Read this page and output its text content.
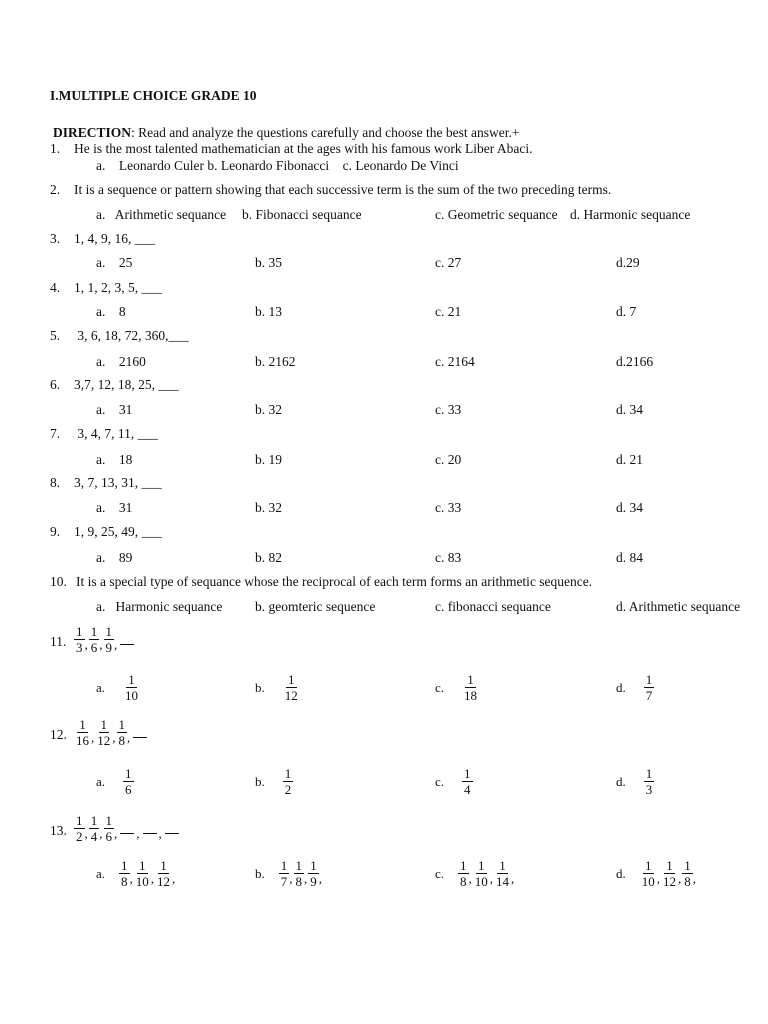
I.MULTIPLE CHOICE GRADE 10
DIRECTION: Read and analyze the questions carefully and choose the best answer.+
1. He is the most talented mathematician at the ages with his famous work Liber Abaci.
a.    Leonardo Culer b. Leonardo Fibonacci    c. Leonardo De Vinci
2. It is a sequence or pattern showing that each successive term is the sum of the two preceding terms.
a.   Arithmetic sequance b. Fibonacci sequance	c. Geometric sequance d. Harmonic sequance
3. 1, 4, 9, 16, ___
a.    25	b. 35	c. 27	d.29
4. 1, 1, 2, 3, 5, ___
a.    8	b. 13	c. 21	d. 7
5. 3, 6, 18, 72, 360,___
a.    2160	b. 2162	c. 2164	d.2166
6. 3,7, 12, 18, 25, ___
a.    31	b. 32	c. 33	d. 34
7. 3, 4, 7, 11, ___
a.    18	b. 19	c. 20	d. 21
8. 3, 7, 13, 31, ___
a.    31	b. 32	c. 33	d. 34
9. 1, 9, 25, 49, ___
a.    89	b. 82	c. 83	d. 84
10. It is a special type of sequance whose the reciprocal of each term forms an arithmetic sequence.
a.   Harmonic sequance b. geomteric sequence	c. fibonacci sequance	d. Arithmetic sequance
11. $\frac{1}{3}$ , $\frac{1}{6}$ , $\frac{1}{9}$ ,
a. $\frac{1}{10}$	b. $\frac{1}{12}$	c. $\frac{1}{18}$	d. $\frac{1}{7}$
12. $\frac{1}{16}$ , $\frac{1}{12}$ , $\frac{1}{8}$ ,
a. $\frac{1}{6}$	b. $\frac{1}{2}$	c. $\frac{1}{4}$	d. $\frac{1}{3}$
13. $\frac{1}{2}$ , $\frac{1}{4}$ , $\frac{1}{6}$ , , ,
a. $\frac{1}{8}$ , $\frac{1}{10}$ , $\frac{1}{12}$ ,	b. $\frac{1}{7}$ , $\frac{1}{8}$ , $\frac{1}{9}$ ,	c. $\frac{1}{8}$ , $\frac{1}{10}$ , $\frac{1}{14}$ ,	d. $\frac{1}{10}$ , $\frac{1}{12}$ , $\frac{1}{8}$ ,
